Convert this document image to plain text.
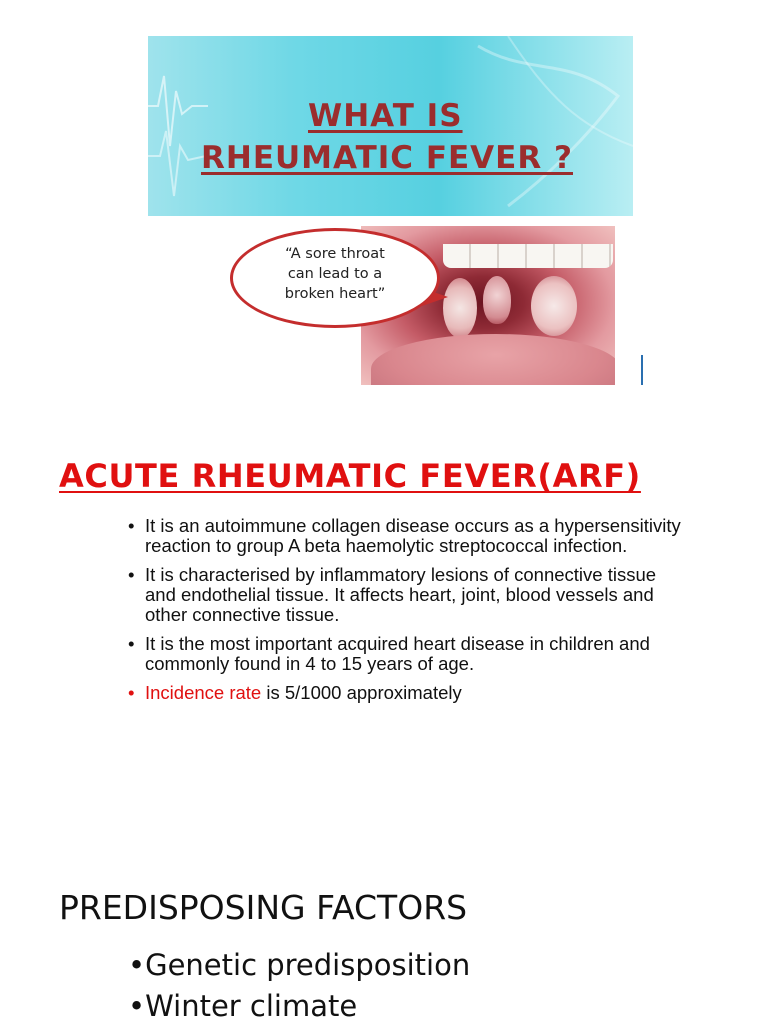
WHAT IS
RHEUMATIC FEVER ?
“A sore throat
can lead to a
broken heart”
ACUTE RHEUMATIC FEVER(ARF)
• It is an autoimmune collagen disease occurs as a hypersensitivity reaction to group A beta haemolytic streptococcal infection.
• It is characterised by inflammatory lesions of connective tissue and endothelial tissue. It affects heart, joint, blood vessels and other connective tissue.
• It is the most important acquired heart disease in children and commonly found in 4 to 15 years of age.
• Incidence rate is 5/1000 approximately
PREDISPOSING FACTORS
•Genetic predisposition
•Winter climate
